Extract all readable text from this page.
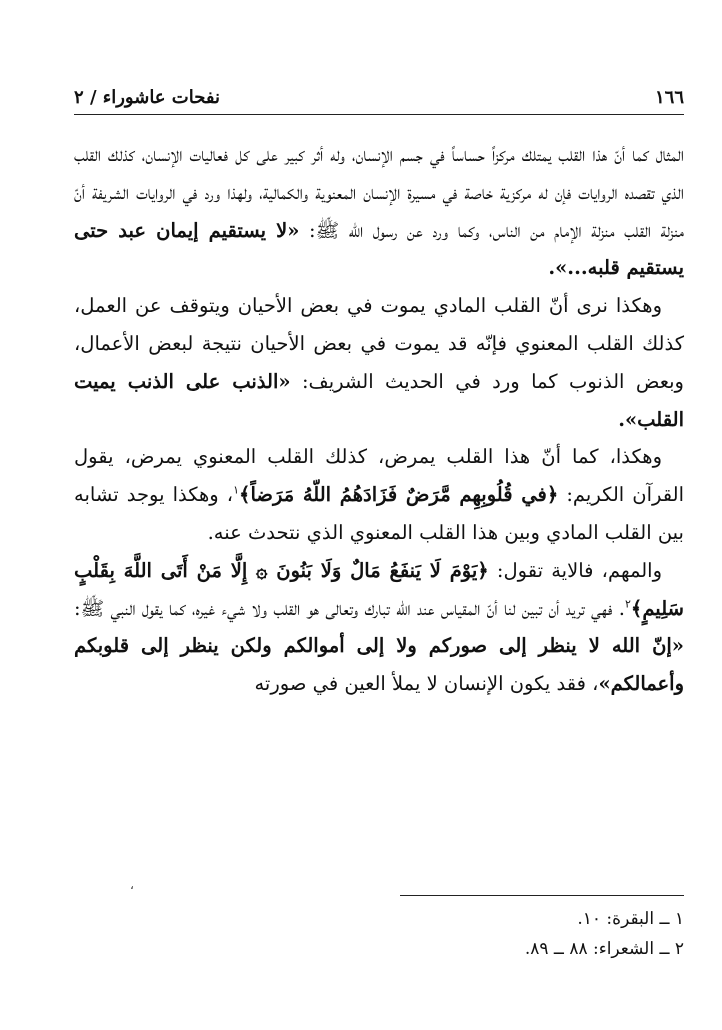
١٦٦
نفحات عاشوراء / ٢

المثال كما أنّ هذا القلب يمتلك مركزاً حساساً في جسم الإنسان، وله أثر كبير على كل فعاليات الإنسان، كذلك القلب الذي تقصده الروايات فإن له مركزية خاصة في مسيرة الإنسان المعنوية والكمالية، ولهذا ورد في الروايات الشريفة أنّ منزلة القلب منزلة الإمام من الناس، وكما ورد عن رسول الله ﷺ: «لا يستقيم إيمان عبد حتى يستقيم قلبه...».

وهكذا نرى أنّ القلب المادي يموت في بعض الأحيان ويتوقف عن العمل، كذلك القلب المعنوي فإنّه قد يموت في بعض الأحيان نتيجة لبعض الأعمال، وبعض الذنوب كما ورد في الحديث الشريف: «الذنب على الذنب يميت القلب».

وهكذا، كما أنّ هذا القلب يمرض، كذلك القلب المعنوي يمرض، يقول القرآن الكريم: ﴿في قُلُوبِهِم مَّرَضٌ فَزَادَهُمُ اللّهُ مَرَضاً﴾$^١$، وهكذا يوجد تشابه بين القلب المادي وبين هذا القلب المعنوي الذي نتحدث عنه.

والمهم، فالاية تقول: ﴿يَوْمَ لَا يَنفَعُ مَالٌ وَلَا بَنُونَ ۞ إِلَّا مَنْ أَتَى اللَّهَ بِقَلْبٍ سَلِيمٍ﴾$^٢$. فهي تريد أن تبين لنا أنّ المقياس عند الله تبارك وتعالى هو القلب ولا شيء غيره، كما يقول النبي ﷺ: «إنّ الله لا ينظر إلى صوركم ولا إلى أموالكم ولكن ينظر إلى قلوبكم وأعمالكم»، فقد يكون الإنسان لا يملأ العين في صورته

،
١ ــ البقرة: ١٠.
٢ ــ الشعراء: ٨٨ ــ ٨٩.
